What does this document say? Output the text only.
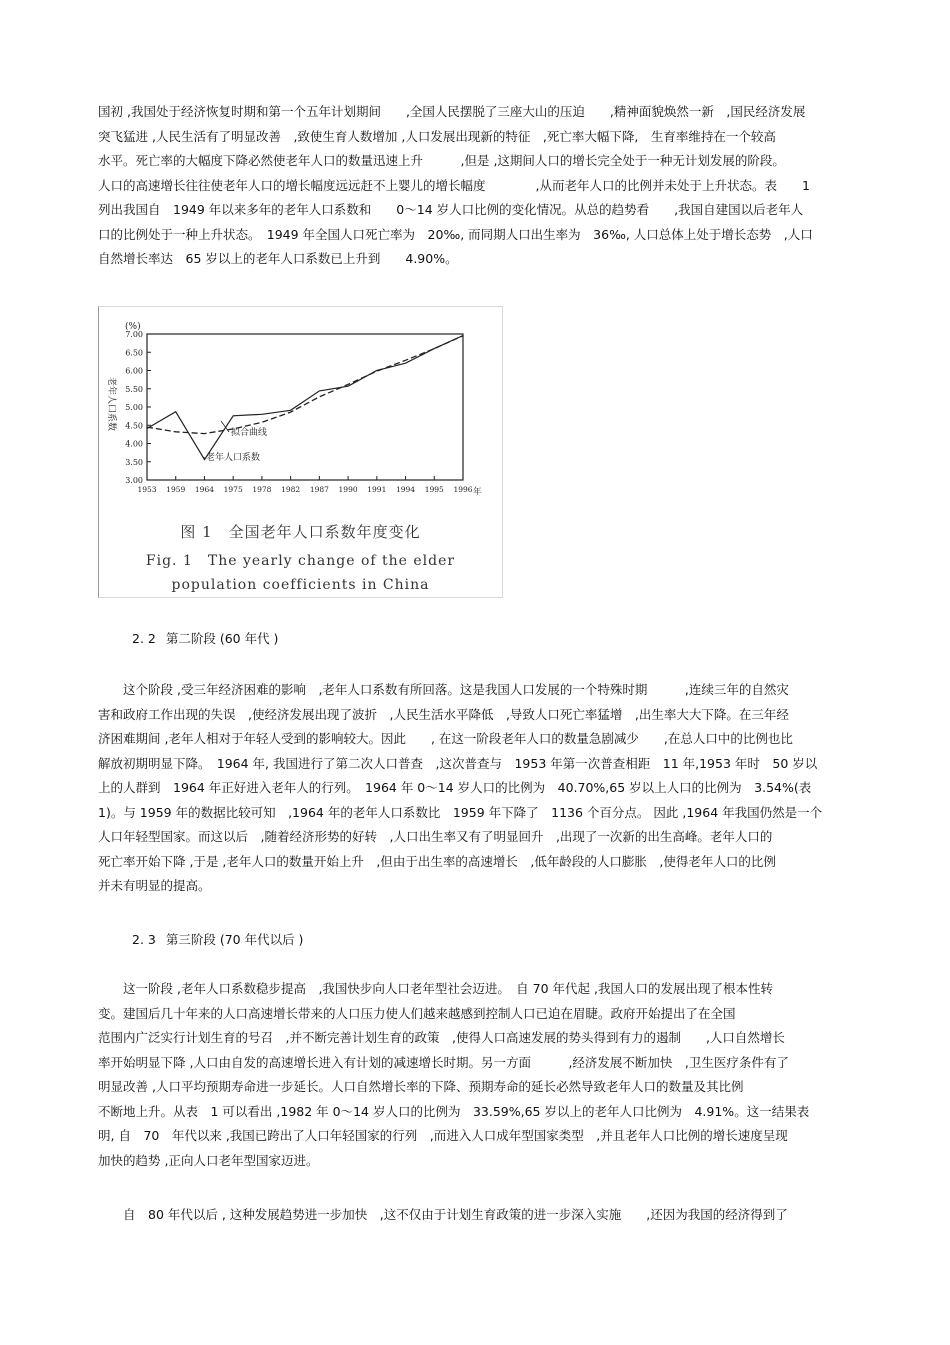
国初 ,我国处于经济恢复时期和第一个五年计划期间　　,全国人民摆脱了三座大山的压迫　　,精神面貌焕然一新　,国民经济发展

突飞猛进 ,人民生活有了明显改善　,致使生育人数增加 ,人口发展出现新的特征　,死亡率大幅下降,　生育率维持在一个较高

水平。死亡率的大幅度下降必然使老年人口的数量迅速上升　　　,但是 ,这期间人口的增长完全处于一种无计划发展的阶段。

人口的高速增长往往使老年人口的增长幅度远远赶不上婴儿的增长幅度　　　　,从而老年人口的比例并未处于上升状态。表　　1

列出我国自　1949 年以来多年的老年人口系数和　　0～14 岁人口比例的变化情况。从总的趋势看　　,我国自建国以后老年人

口的比例处于一种上升状态。　1949 年全国人口死亡率为　20‰, 而同期人口出生率为　36‰, 人口总体上处于增长态势　,人口

自然增长率达　65 岁以上的老年人口系数已上升到　　4.90%。

(%)
老年人口系数
年
3.00
3.50
4.00
4.50
5.00
5.50
6.00
6.50
7.00
1953 1959 1964 1975 1978 1982 1987 1990 1991 1994 1995 1996
拟合曲线
老年人口系数
图 1　全国老年人口系数年度变化
Fig. 1　The yearly change of the elder
population coefficients in China
2. 2 第二阶段 (60 年代 )

　　这个阶段 ,受三年经济困难的影响　,老年人口系数有所回落。这是我国人口发展的一个特殊时期　　　,连续三年的自然灾

害和政府工作出现的失误　,使经济发展出现了波折　,人民生活水平降低　,导致人口死亡率猛增　,出生率大大下降。在三年经

济困难期间 ,老年人相对于年轻人受到的影响较大。因此　　, 在这一阶段老年人口的数量急剧减少　　,在总人口中的比例也比

解放初期明显下降。　1964 年, 我国进行了第二次人口普查　,这次普查与　1953 年第一次普查相距　11 年,1953 年时　50 岁以

上的人群到　1964 年正好进入老年人的行列。　1964 年 0～14 岁人口的比例为　40.70%,65 岁以上人口的比例为　3.54%(表

1)。与 1959 年的数据比较可知　,1964 年的老年人口系数比　1959 年下降了　1136 个百分点。 因此 ,1964 年我国仍然是一个

人口年轻型国家。而这以后　,随着经济形势的好转　,人口出生率又有了明显回升　,出现了一次新的出生高峰。老年人口的

死亡率开始下降 ,于是 ,老年人口的数量开始上升　,但由于出生率的高速增长　,低年龄段的人口膨胀　,使得老年人口的比例

并未有明显的提高。

2. 3 第三阶段 (70 年代以后 )

　　这一阶段 ,老年人口系数稳步提高　,我国快步向人口老年型社会迈进。　自 70 年代起 ,我国人口的发展出现了根本性转

变。建国后几十年来的人口高速增长带来的人口压力使人们越来越感到控制人口已迫在眉睫。政府开始提出了在全国

范围内广泛实行计划生育的号召　,并不断完善计划生育的政策　,使得人口高速发展的势头得到有力的遏制　　,人口自然增长

率开始明显下降 ,人口由自发的高速增长进入有计划的减速增长时期。另一方面　　　,经济发展不断加快　,卫生医疗条件有了

明显改善 ,人口平均预期寿命进一步延长。人口自然增长率的下降、预期寿命的延长必然导致老年人口的数量及其比例

不断地上升。从表　1 可以看出 ,1982 年 0～14 岁人口的比例为　33.59%,65 岁以上的老年人口比例为　4.91%。这一结果表

明, 自　70　年代以来 ,我国已跨出了人口年轻国家的行列　,而进入人口成年型国家类型　,并且老年人口比例的增长速度呈现

加快的趋势 ,正向人口老年型国家迈进。

　　自　80 年代以后 , 这种发展趋势进一步加快　,这不仅由于计划生育政策的进一步深入实施　　,还因为我国的经济得到了
